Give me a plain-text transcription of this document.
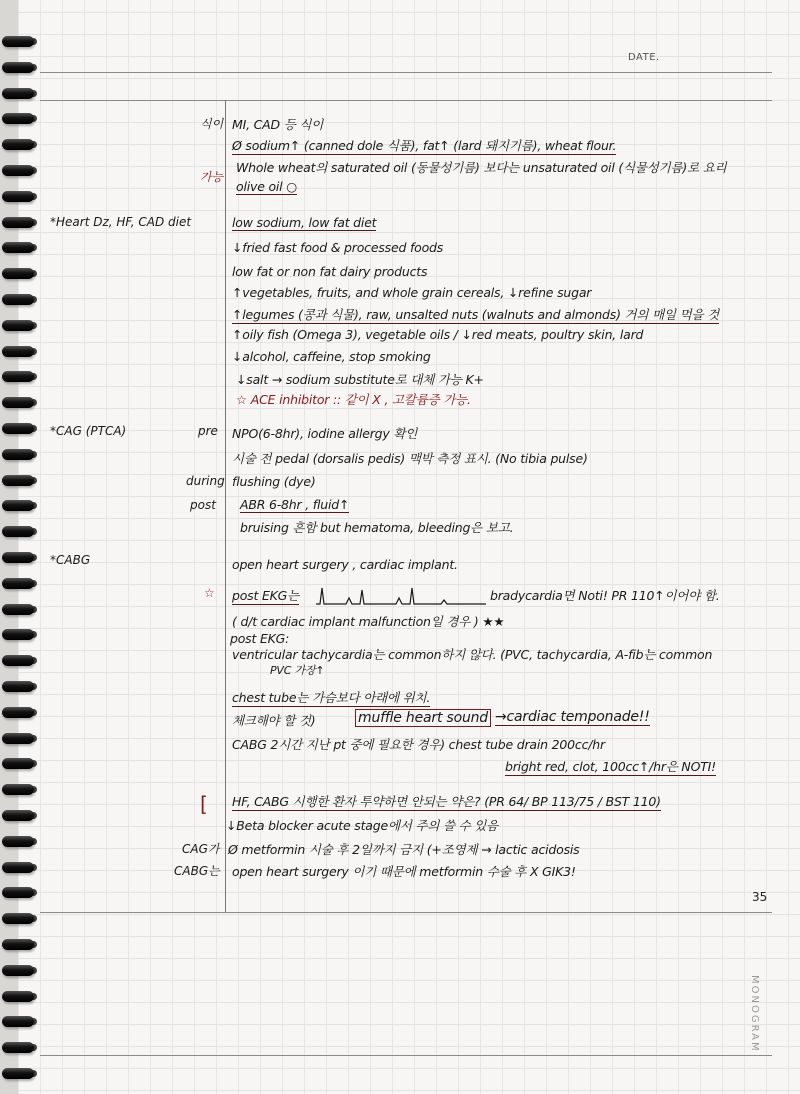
DATE.
식이 MI, CAD 등 식이
Ø sodium↑ (canned dole 식품), fat↑ (lard 돼지기름), wheat flour.
가능
Whole wheat의 saturated oil (동물성기름) 보다는 unsaturated oil (식물성기름)로 요리
olive oil ○
*Heart Dz, HF, CAD diet	low sodium, low fat diet
↓fried fast food & processed foods
low fat or non fat dairy products
↑vegetables, fruits, and whole grain cereals, ↓refine sugar
↑legumes (콩과 식물), raw, unsalted nuts (walnuts and almonds) 거의 매일 먹을 것
↑oily fish (Omega 3), vegetable oils / ↓red meats, poultry skin, lard
↓alcohol, caffeine, stop smoking
↓salt → sodium substitute로 대체 가능 K+
☆ ACE inhibitor :: 같이 X , 고칼륨증 가능.
*CAG (PTCA)	pre NPO(6-8hr), iodine allergy 확인
시술 전 pedal (dorsalis pedis) 맥박 측정 표시. (No tibia pulse)
during flushing (dye)
post ABR 6-8hr , fluid↑
bruising 흔함 but hematoma, bleeding은 보고.
*CABG	open heart surgery , cardiac implant.
☆ post EKG는	bradycardia면 Noti! PR 110↑이어야 함.
( d/t cardiac implant malfunction일 경우 ) ★★
post EKG:
ventricular tachycardia는 common하지 않다. (PVC, tachycardia, A-fib는 common
PVC 가장↑
chest tube는 가슴보다 아래에 위치.
체크해야 할 것)	muffle heart sound →cardiac temponade!!
CABG 2시간 지난 pt 중에 필요한 경우) chest tube drain 200cc/hr
bright red, clot, 100cc↑/hr은 NOTI!
[ HF, CABG 시행한 환자 투약하면 안되는 약은? (PR 64/ BP 113/75 / BST 110)
↓Beta blocker acute stage에서 주의 쓸 수 있음
CAG가 Ø metformin 시술 후 2일까지 금지 (+조영제 → lactic acidosis
CABG는 open heart surgery 이기 때문에 metformin 수술 후 X GIK3!
35
MONOGRAM
